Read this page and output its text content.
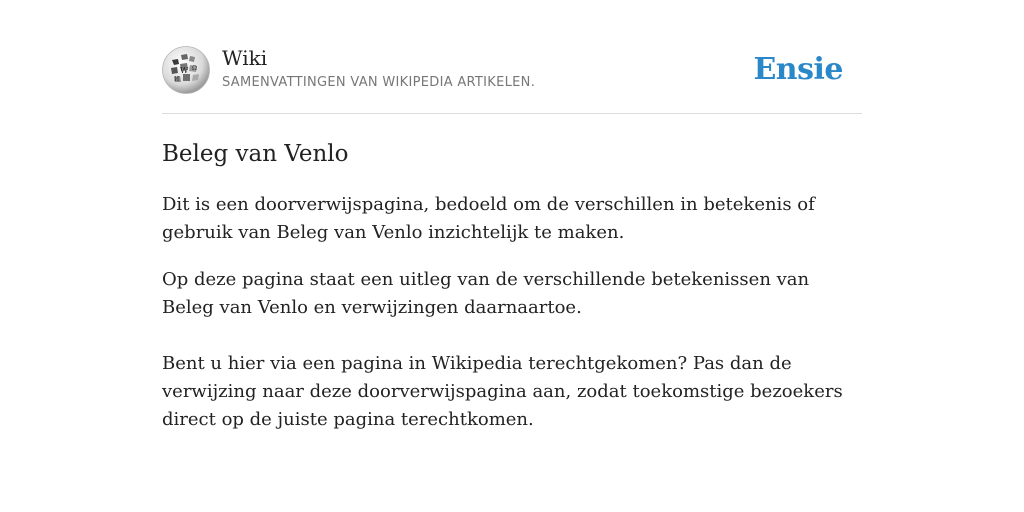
W Ω
И
Wiki
SAMENVATTINGEN VAN WIKIPEDIA ARTIKELEN.	Ensie
Beleg van Venlo

Dit is een doorverwijspagina, bedoeld om de verschillen in betekenis of gebruik van Beleg van Venlo inzichtelijk te maken.

Op deze pagina staat een uitleg van de verschillende betekenissen van Beleg van Venlo en verwijzingen daarnaartoe.

Bent u hier via een pagina in Wikipedia terechtgekomen? Pas dan de verwijzing naar deze doorverwijspagina aan, zodat toekomstige bezoekers direct op de juiste pagina terechtkomen.
